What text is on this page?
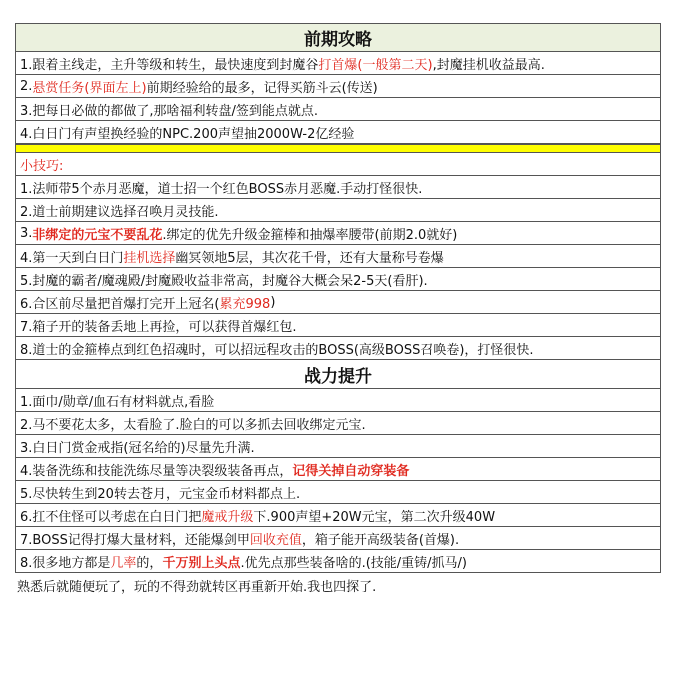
前期攻略
1.跟着主线走，主升等级和转生，最快速度到封魔谷 打首爆(一般第二天) ,封魔挂机收益最高.
2. 悬赏任务(界面左上) 前期经验给的最多，记得买筋斗云(传送)
3.把每日必做的都做了,那啥福利转盘/签到能点就点.
4.白日门有声望换经验的NPC.200声望抽2000W-2亿经验
小技巧:
1.法师带5个赤月恶魔，道士招一个红色BOSS赤月恶魔.手动打怪很快.
2.道士前期建议选择召唤月灵技能.
3. 非绑定的元宝不要乱花 .绑定的优先升级金箍棒和抽爆率腰带(前期2.0就好)
4.第一天到白日门 挂机选择 幽冥领地5层，其次花千骨，还有大量称号卷爆
5.封魔的霸者/魔魂殿/封魔殿收益非常高，封魔谷大概会呆2-5天(看肝).
6.合区前尽量把首爆打完开上冠名( 累充998 )
7.箱子开的装备丢地上再捡，可以获得首爆红包.
8.道士的金箍棒点到红色招魂时，可以招远程攻击的BOSS(高级BOSS召唤卷)，打怪很快.
战力提升
1.面巾/勋章/血石有材料就点,看脸
2.马不要花太多，太看脸了.脸白的可以多抓去回收绑定元宝.
3.白日门赏金戒指(冠名给的)尽量先升满.
4.装备洗练和技能洗练尽量等决裂级装备再点， 记得关掉自动穿装备
5.尽快转生到20转去苍月，元宝金币材料都点上.
6.扛不住怪可以考虑在白日门把 魔戒升级 下.900声望+20W元宝，第二次升级40W
7.BOSS记得打爆大量材料，还能爆剑甲 回收充值 ，箱子能开高级装备(首爆).
8.很多地方都是 几率 的， 千万别上头点 .优先点那些装备啥的.(技能/重铸/抓马/)
熟悉后就随便玩了，玩的不得劲就转区再重新开始.我也四探了.
